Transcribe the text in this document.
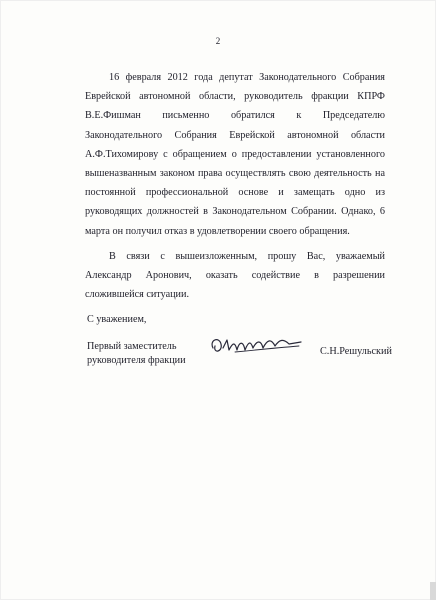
2

16 февраля 2012 года депутат Законодательного Собрания Еврейской автономной области, руководитель фракции КПРФ В.Е.Фишман письменно обратился к Председателю Законодательного Собрания Еврейской автономной области А.Ф.Тихомирову с обращением о предоставлении установленного вышеназванным законом права осуществлять свою деятельность на постоянной профессиональной основе и замещать одно из руководящих должностей в Законодательном Собрании. Однако, 6 марта он получил отказ в удовлетворении своего обращения.

В связи с вышеизложенным, прошу Вас, уважаемый Александр Аронович, оказать содействие в разрешении сложившейся ситуации.

С уважением,
Первый заместитель
руководителя фракции
С.Н.Решульский
